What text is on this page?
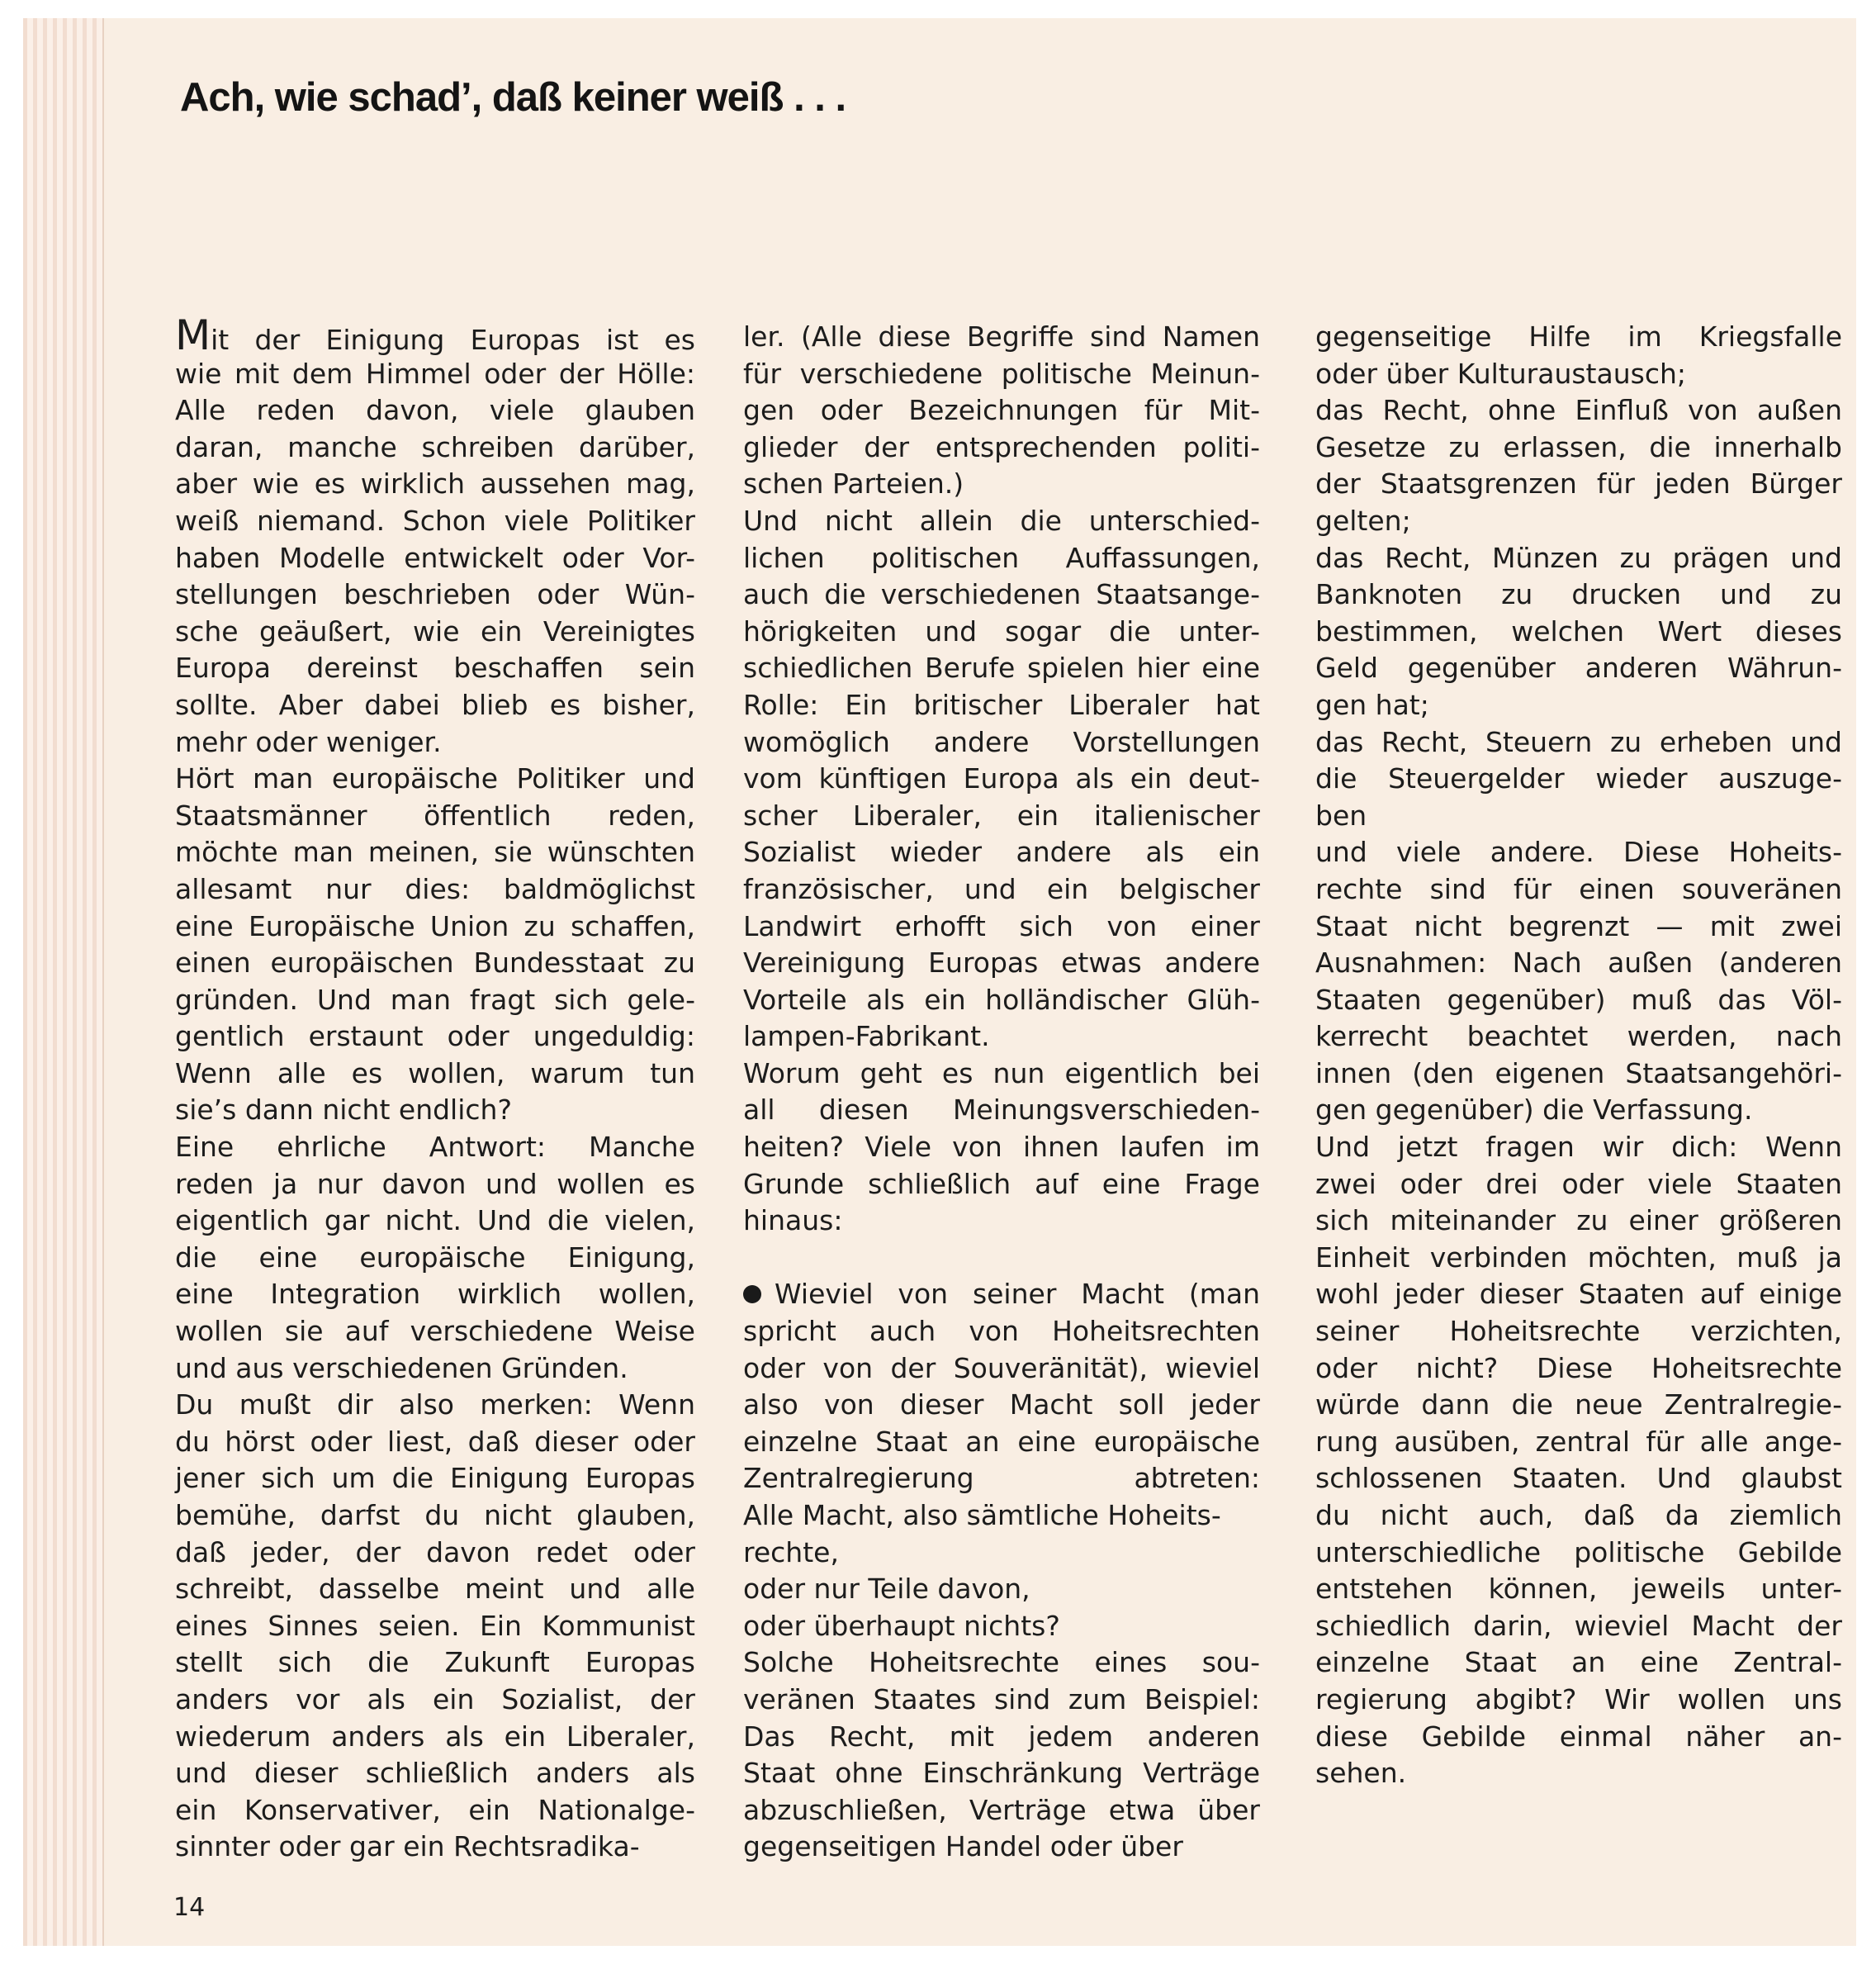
Ach, wie schad’, daß keiner weiß . . .
Mit der Einigung Europas ist es
wie mit dem Himmel oder der Hölle:
Alle reden davon, viele glauben
daran, manche schreiben darüber,
aber wie es wirklich aussehen mag,
weiß niemand. Schon viele Politiker
haben Modelle entwickelt oder Vor-
stellungen beschrieben oder Wün-
sche geäußert, wie ein Vereinigtes
Europa dereinst beschaffen sein
sollte. Aber dabei blieb es bisher,
mehr oder weniger.
Hört man europäische Politiker und
Staatsmänner öffentlich reden,
möchte man meinen, sie wünschten
allesamt nur dies: baldmöglichst
eine Europäische Union zu schaffen,
einen europäischen Bundesstaat zu
gründen. Und man fragt sich gele-
gentlich erstaunt oder ungeduldig:
Wenn alle es wollen, warum tun
sie’s dann nicht endlich?
Eine ehrliche Antwort: Manche
reden ja nur davon und wollen es
eigentlich gar nicht. Und die vielen,
die eine europäische Einigung,
eine Integration wirklich wollen,
wollen sie auf verschiedene Weise
und aus verschiedenen Gründen.
Du mußt dir also merken: Wenn
du hörst oder liest, daß dieser oder
jener sich um die Einigung Europas
bemühe, darfst du nicht glauben,
daß jeder, der davon redet oder
schreibt, dasselbe meint und alle
eines Sinnes seien. Ein Kommunist
stellt sich die Zukunft Europas
anders vor als ein Sozialist, der
wiederum anders als ein Liberaler,
und dieser schließlich anders als
ein Konservativer, ein Nationalge-
sinnter oder gar ein Rechtsradika-
ler. (Alle diese Begriffe sind Namen
für verschiedene politische Meinun-
gen oder Bezeichnungen für Mit-
glieder der entsprechenden politi-
schen Parteien.)
Und nicht allein die unterschied-
lichen politischen Auffassungen,
auch die verschiedenen Staatsange-
hörigkeiten und sogar die unter-
schiedlichen Berufe spielen hier eine
Rolle: Ein britischer Liberaler hat
womöglich andere Vorstellungen
vom künftigen Europa als ein deut-
scher Liberaler, ein italienischer
Sozialist wieder andere als ein
französischer, und ein belgischer
Landwirt erhofft sich von einer
Vereinigung Europas etwas andere
Vorteile als ein holländischer Glüh-
lampen-Fabrikant.
Worum geht es nun eigentlich bei
all diesen Meinungsverschieden-
heiten? Viele von ihnen laufen im
Grunde schließlich auf eine Frage
hinaus:
Wieviel von seiner Macht (man
spricht auch von Hoheitsrechten
oder von der Souveränität), wieviel
also von dieser Macht soll jeder
einzelne Staat an eine europäische
Zentralregierung abtreten:
Alle Macht, also sämtliche Hoheits-
rechte,
oder nur Teile davon,
oder überhaupt nichts?
Solche Hoheitsrechte eines sou-
veränen Staates sind zum Beispiel:
Das Recht, mit jedem anderen
Staat ohne Einschränkung Verträge
abzuschließen, Verträge etwa über
gegenseitigen Handel oder über
gegenseitige Hilfe im Kriegsfalle
oder über Kulturaustausch;
das Recht, ohne Einfluß von außen
Gesetze zu erlassen, die innerhalb
der Staatsgrenzen für jeden Bürger
gelten;
das Recht, Münzen zu prägen und
Banknoten zu drucken und zu
bestimmen, welchen Wert dieses
Geld gegenüber anderen Währun-
gen hat;
das Recht, Steuern zu erheben und
die Steuergelder wieder auszuge-
ben
und viele andere. Diese Hoheits-
rechte sind für einen souveränen
Staat nicht begrenzt — mit zwei
Ausnahmen: Nach außen (anderen
Staaten gegenüber) muß das Völ-
kerrecht beachtet werden, nach
innen (den eigenen Staatsangehöri-
gen gegenüber) die Verfassung.
Und jetzt fragen wir dich: Wenn
zwei oder drei oder viele Staaten
sich miteinander zu einer größeren
Einheit verbinden möchten, muß ja
wohl jeder dieser Staaten auf einige
seiner Hoheitsrechte verzichten,
oder nicht? Diese Hoheitsrechte
würde dann die neue Zentralregie-
rung ausüben, zentral für alle ange-
schlossenen Staaten. Und glaubst
du nicht auch, daß da ziemlich
unterschiedliche politische Gebilde
entstehen können, jeweils unter-
schiedlich darin, wieviel Macht der
einzelne Staat an eine Zentral-
regierung abgibt? Wir wollen uns
diese Gebilde einmal näher an-
sehen.
14
